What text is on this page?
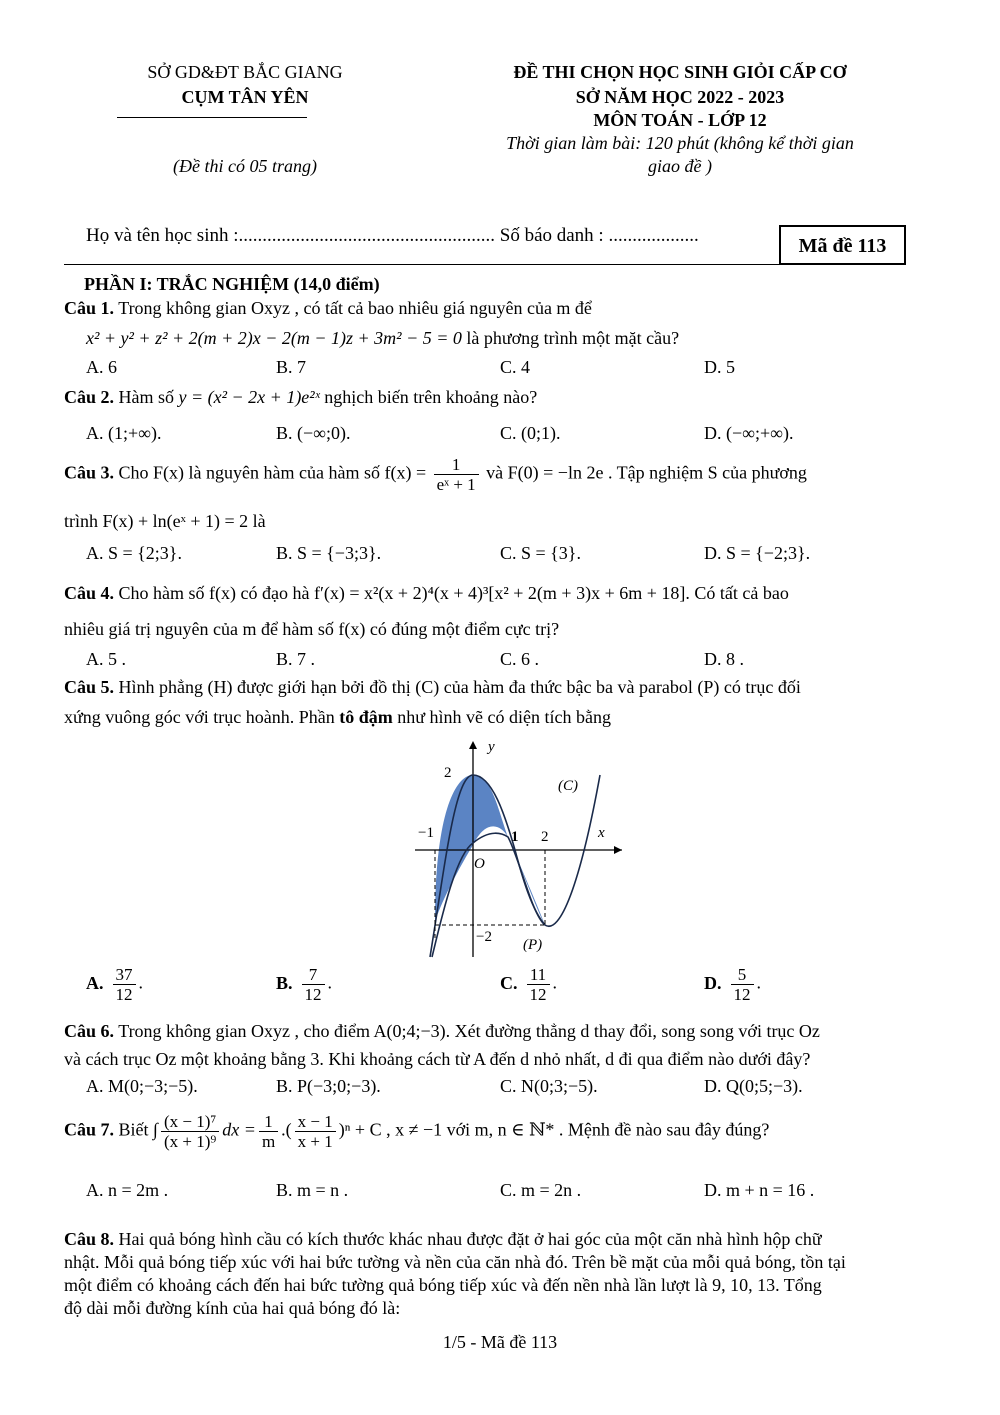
SỞ GD&ĐT BẮC GIANG
CỤM TÂN YÊN
(Đề thi có 05 trang)
ĐỀ THI CHỌN HỌC SINH GIỎI CẤP CƠ
SỞ NĂM HỌC 2022 - 2023
MÔN TOÁN - LỚP 12
Thời gian làm bài: 120 phút (không kể thời gian
giao đề )
Họ và tên học sinh :...................................................... Số báo danh : ...................	Mã đề 113
PHẦN I: TRẮC NGHIỆM (14,0 điểm)
Câu 1. Trong không gian Oxyz , có tất cả bao nhiêu giá nguyên của m để
x² + y² + z² + 2(m + 2)x − 2(m − 1)z + 3m² − 5 = 0 là phương trình một mặt cầu?
A. 6	B. 7	C. 4	D. 5
Câu 2. Hàm số y = (x² − 2x + 1)e²ˣ nghịch biến trên khoảng nào?
A. (1;+∞).	B. (−∞;0).	C. (0;1).	D. (−∞;+∞).
Câu 3. Cho F(x) là nguyên hàm của hàm số $f(x) = \frac{1}{\text{eˣ + 1}}$ và F(0) = −ln 2e . Tập nghiệm S của phương
trình F(x) + ln(eˣ + 1) = 2 là
A. S = {2;3}.	B. S = {−3;3}.	C. S = {3}.	D. S = {−2;3}.
Câu 4. Cho hàm số f(x) có đạo hà f′(x) = x²(x + 2)⁴(x + 4)³[x² + 2(m + 3)x + 6m + 18]. Có tất cả bao
nhiêu giá trị nguyên của m để hàm số f(x) có đúng một điểm cực trị?
A. 5 .	B. 7 .	C. 6 .	D. 8 .
Câu 5. Hình phẳng (H) được giới hạn bởi đồ thị (C) của hàm đa thức bậc ba và parabol (P) có trục đối
xứng vuông góc với trục hoành. Phần tô đậm như hình vẽ có diện tích bằng
y
2
(C)
x
−1	1 2
O
−2 (P)
A. $\frac{37}{12}$ .	B. $\frac{7}{12}$ .	C. $\frac{11}{12}$ .	D. $\frac{5}{12}$ .
Câu 6. Trong không gian Oxyz , cho điểm A(0;4;−3). Xét đường thẳng d thay đổi, song song với trục Oz
và cách trục Oz một khoảng bằng 3. Khi khoảng cách từ A đến d nhỏ nhất, d đi qua điểm nào dưới đây?
A. M(0;−3;−5).	B. P(−3;0;−3).	C. N(0;3;−5).	D. Q(0;5;−3).
Câu 7. Biết ∫ $\frac{\text{(x − 1)⁷}}{\text{(x + 1)⁹}}$ dx = $\frac{1}{m}$ .( $\frac{x - 1}{x + 1} )^n + C$ , x ≠ −1 với m, n ∈ ℕ* . Mệnh đề nào sau đây đúng?
A. n = 2m .	B. m = n .	C. m = 2n .	D. m + n = 16 .
Câu 8. Hai quả bóng hình cầu có kích thước khác nhau được đặt ở hai góc của một căn nhà hình hộp chữ
nhật. Mỗi quả bóng tiếp xúc với hai bức tường và nền của căn nhà đó. Trên bề mặt của mỗi quả bóng, tồn tại
một điểm có khoảng cách đến hai bức tường quả bóng tiếp xúc và đến nền nhà lần lượt là 9, 10, 13. Tổng
độ dài mỗi đường kính của hai quả bóng đó là:
1/5 - Mã đề 113
